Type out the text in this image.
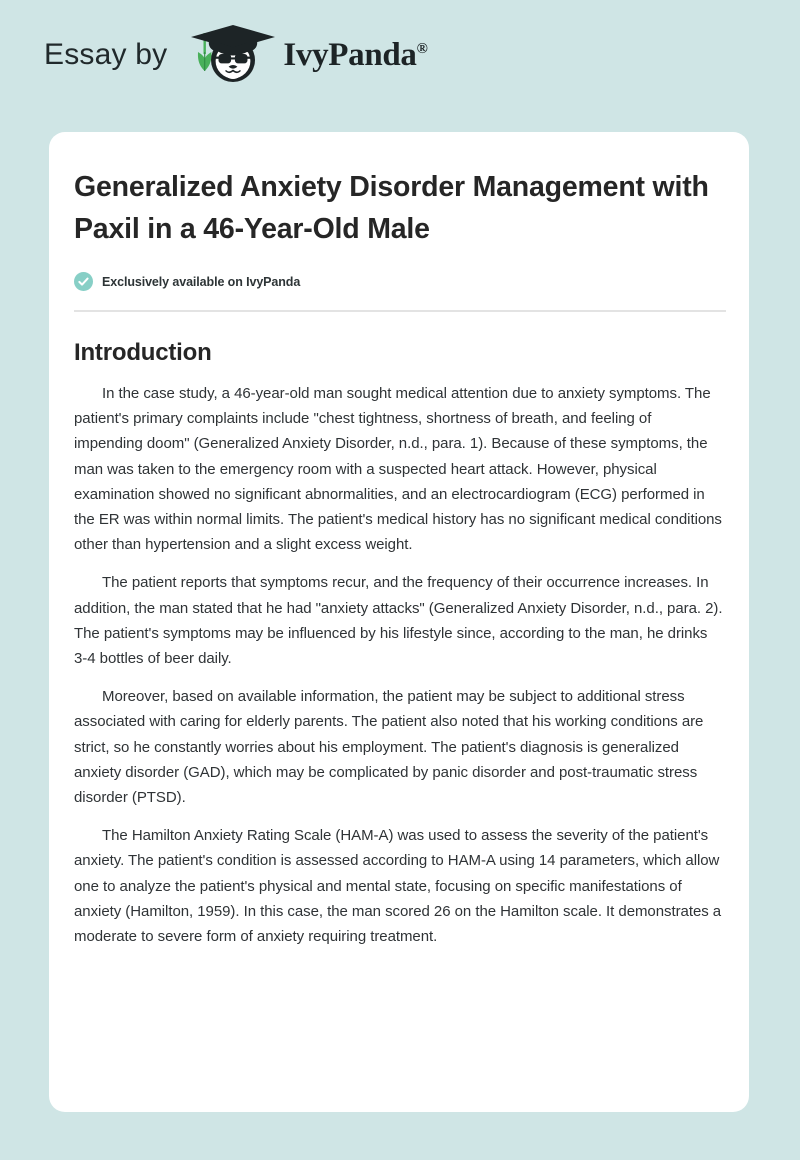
Essay by	IvyPanda®
Generalized Anxiety Disorder Management with Paxil in a 46-Year-Old Male
Exclusively available on IvyPanda
Introduction

In the case study, a 46-year-old man sought medical attention due to anxiety symptoms. The patient's primary complaints include "chest tightness, shortness of breath, and feeling of impending doom" (Generalized Anxiety Disorder, n.d., para. 1). Because of these symptoms, the man was taken to the emergency room with a suspected heart attack. However, physical examination showed no significant abnormalities, and an electrocardiogram (ECG) performed in the ER was within normal limits. The patient's medical history has no significant medical conditions other than hypertension and a slight excess weight.

The patient reports that symptoms recur, and the frequency of their occurrence increases. In addition, the man stated that he had "anxiety attacks" (Generalized Anxiety Disorder, n.d., para. 2). The patient's symptoms may be influenced by his lifestyle since, according to the man, he drinks 3-4 bottles of beer daily.

Moreover, based on available information, the patient may be subject to additional stress associated with caring for elderly parents. The patient also noted that his working conditions are strict, so he constantly worries about his employment. The patient's diagnosis is generalized anxiety disorder (GAD), which may be complicated by panic disorder and post-traumatic stress disorder (PTSD).

The Hamilton Anxiety Rating Scale (HAM-A) was used to assess the severity of the patient's anxiety. The patient's condition is assessed according to HAM-A using 14 parameters, which allow one to analyze the patient's physical and mental state, focusing on specific manifestations of anxiety (Hamilton, 1959). In this case, the man scored 26 on the Hamilton scale. It demonstrates a moderate to severe form of anxiety requiring treatment.
